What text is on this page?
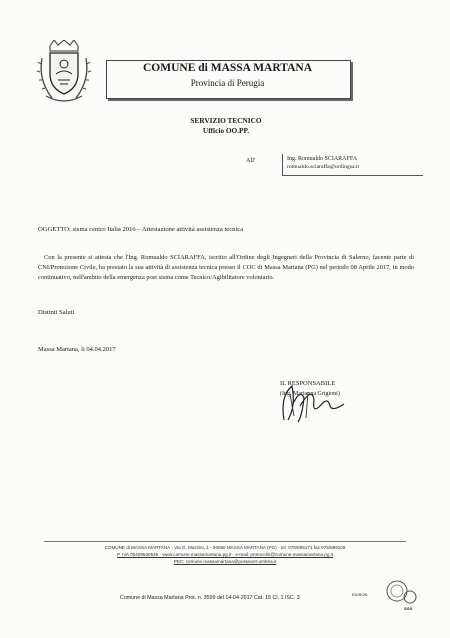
COMUNE di MASSA MARTANA
Provincia di Perugia
SERVIZIO TECNICO
Ufficio OO.PP.
All'	Ing. Romualdo SCIARAFFA
romualdo.sciaraffa@ordingsa.it
OGGETTO: sisma centro Italia 2016 – Attestazione attività assistenza tecnica
Con la presente si attesta che l'Ing. Romualdo SCIARAFFA, iscritto all'Ordine degli Ingegneri della Provincia di Salerno, facente parte di CNI/Protezione Civile, ha prestato la sua attività di assistenza tecnica presso il COC di Massa Martana (PG) nel periodo 08 Aprile 2017, in modo continuativo, nell'ambito della emergenza post sisma come Tecnico/Agibilitatore volontario.
Distinti Saluti
Massa Martana, li 04.04.2017
IL RESPONSABILE
(Ing. Marianna Grigioni)
COMUNE di MASSA MARTANA - Via G. Mazzini, 1 - 06056 MASSA MARTANA (PG) - tel. 075/895171 fax 075/889109
P. IVA 00429530546 - www.comune.massamartana.pg.it - e-mail: protocollo@comune.massamartana.pg.it
PEC: comune.massamartana@postacert.umbria.it
Comune di Massa Martana Prot. n. 3599 del 14-04-2017 Cat. 15 Cl. 1 ISC. 3
EDISON
SGS
